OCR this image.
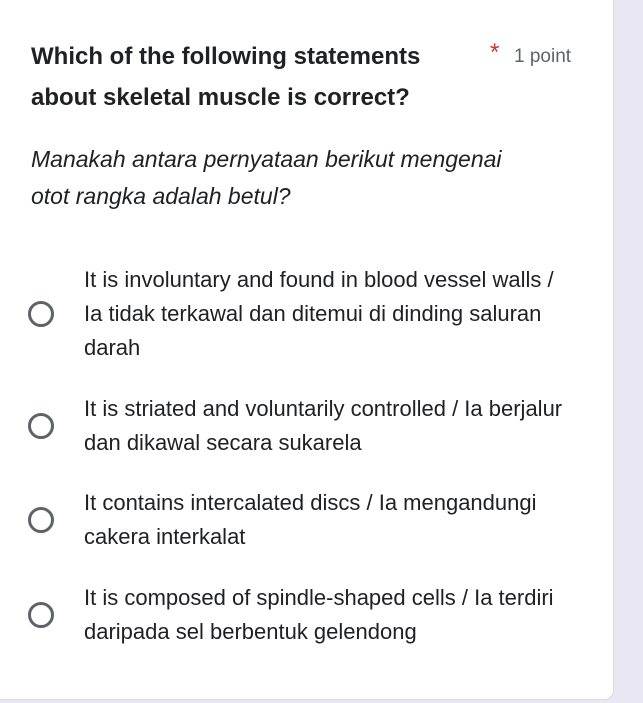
Which of the following statements about skeletal muscle is correct?
* 1 point
Manakah antara pernyataan berikut mengenai otot rangka adalah betul?
It is involuntary and found in blood vessel walls / Ia tidak terkawal dan ditemui di dinding saluran darah
It is striated and voluntarily controlled / Ia berjalur dan dikawal secara sukarela
It contains intercalated discs / Ia mengandungi cakera interkalat
It is composed of spindle-shaped cells / Ia terdiri daripada sel berbentuk gelendong
